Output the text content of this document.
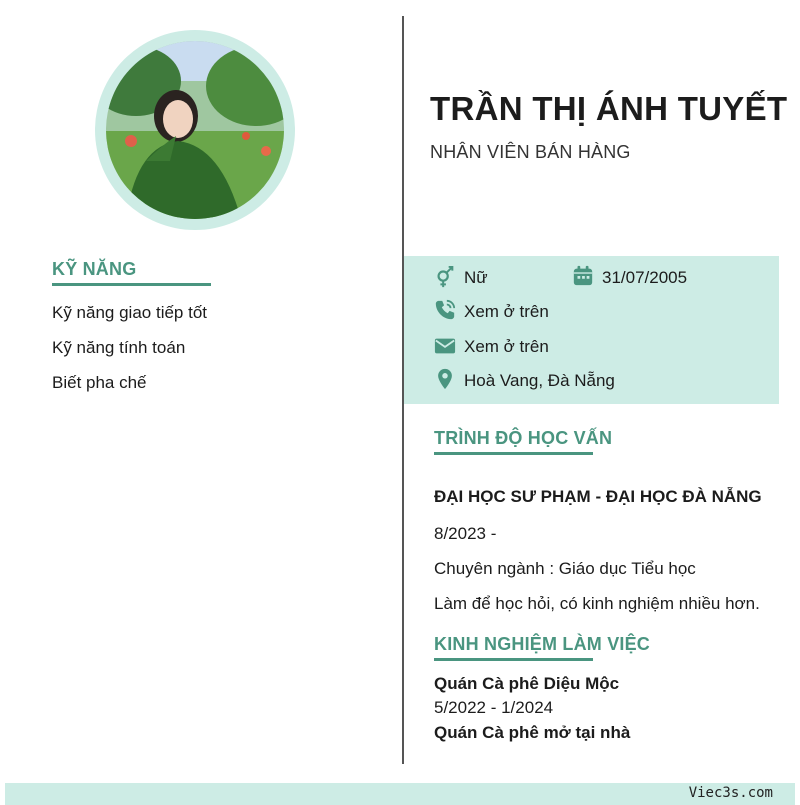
KỸ NĂNG
Kỹ năng giao tiếp tốt
Kỹ năng tính toán
Biết pha chế
TRẦN THỊ ÁNH TUYẾT
NHÂN VIÊN BÁN HÀNG
Nữ	31/07/2005
Xem ở trên
Xem ở trên
Hoà Vang, Đà Nẵng
TRÌNH ĐỘ HỌC VẤN
ĐẠI HỌC SƯ PHẠM - ĐẠI HỌC ĐÀ NẴNG
8/2023 -
Chuyên ngành : Giáo dục Tiểu học
Làm để học hỏi, có kinh nghiệm nhiều hơn.
KINH NGHIỆM LÀM VIỆC
Quán Cà phê Diệu Mộc
5/2022 - 1/2024
Quán Cà phê mở tại nhà
Viec3s.com
